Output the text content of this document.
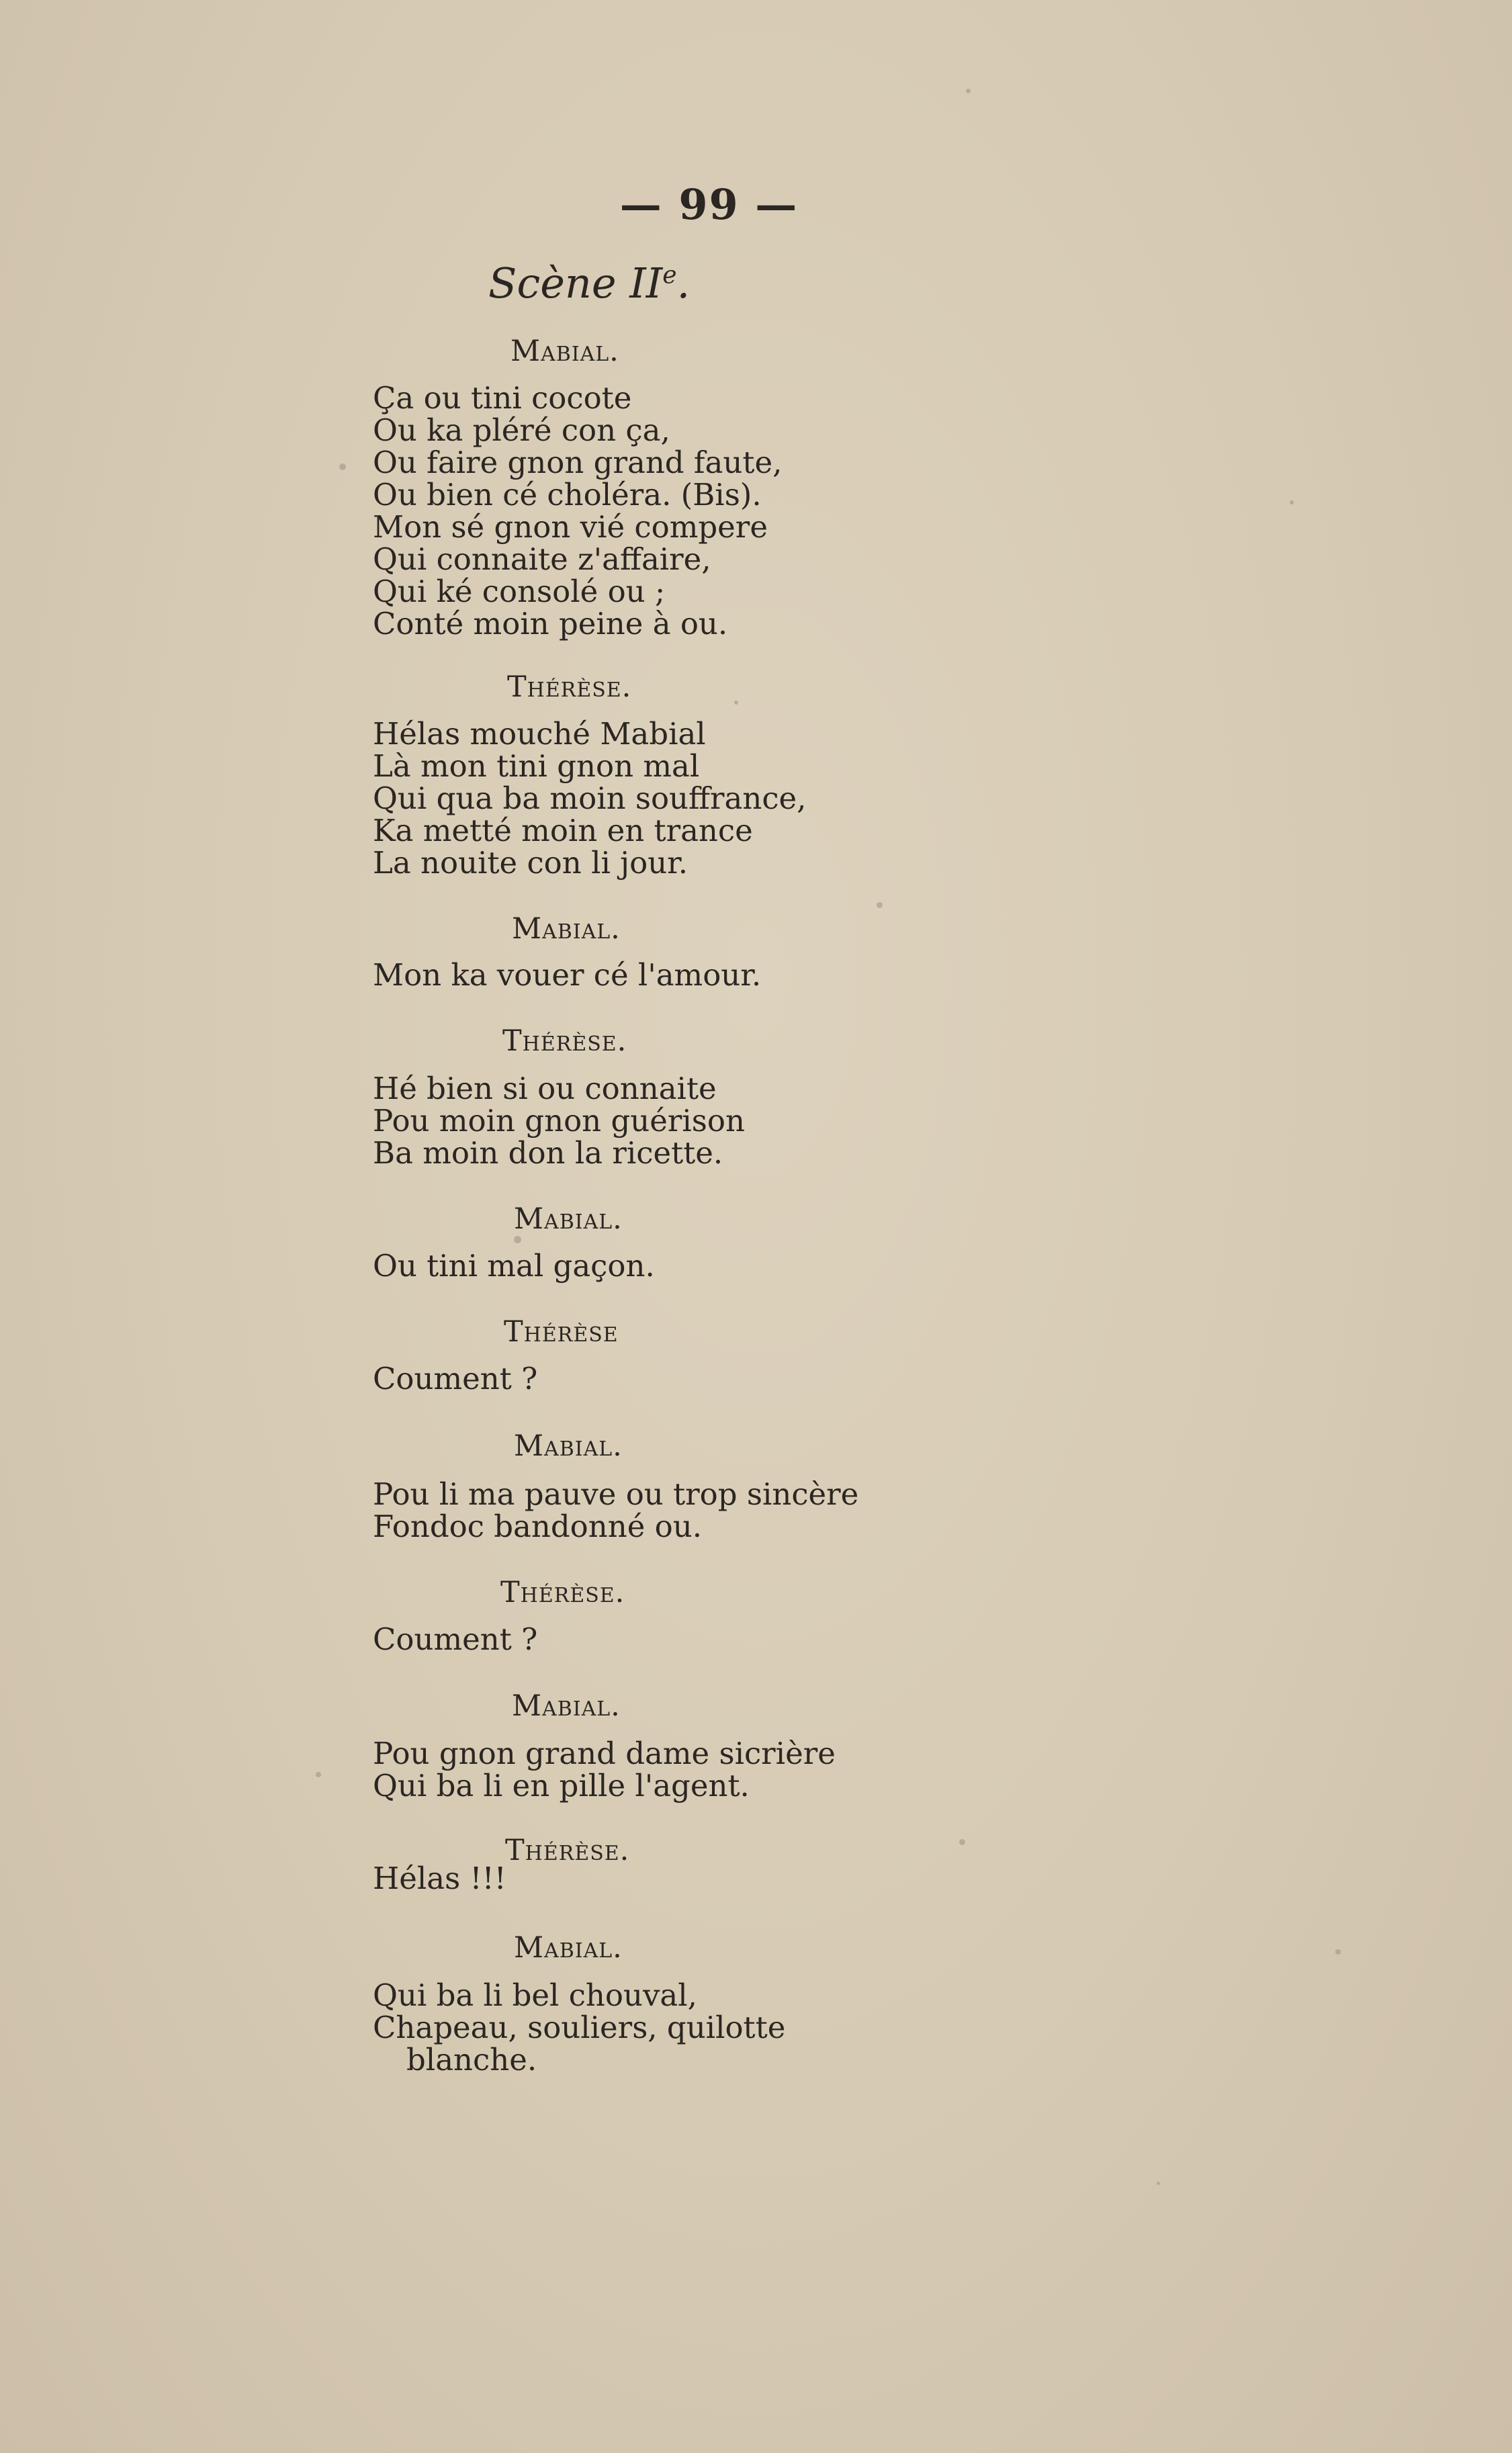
— 99 —
Scène IIe.
Mabial.
Ça ou tini cocote
Ou ka pléré con ça,
Ou faire gnon grand faute,
Ou bien cé choléra. (Bis).
Mon sé gnon vié compere
Qui connaite z'affaire,
Qui ké consolé ou ;
Conté moin peine à ou.
Thérèse.
Hélas mouché Mabial
Là mon tini gnon mal
Qui qua ba moin souffrance,
Ka metté moin en trance
La nouite con li jour.
Mabial.
Mon ka vouer cé l'amour.
Thérèse.
Hé bien si ou connaite
Pou moin gnon guérison
Ba moin don la ricette.
Mabial.
Ou tini mal gaçon.
Thérèse
Coument ?
Mabial.
Pou li ma pauve ou trop sincère
Fondoc bandonné ou.
Thérèse.
Coument ?
Mabial.
Pou gnon grand dame sicrière
Qui ba li en pille l'agent.
Thérèse.
Hélas !!!
Mabial.
Qui ba li bel chouval,
Chapeau, souliers, quilotte
blanche.
